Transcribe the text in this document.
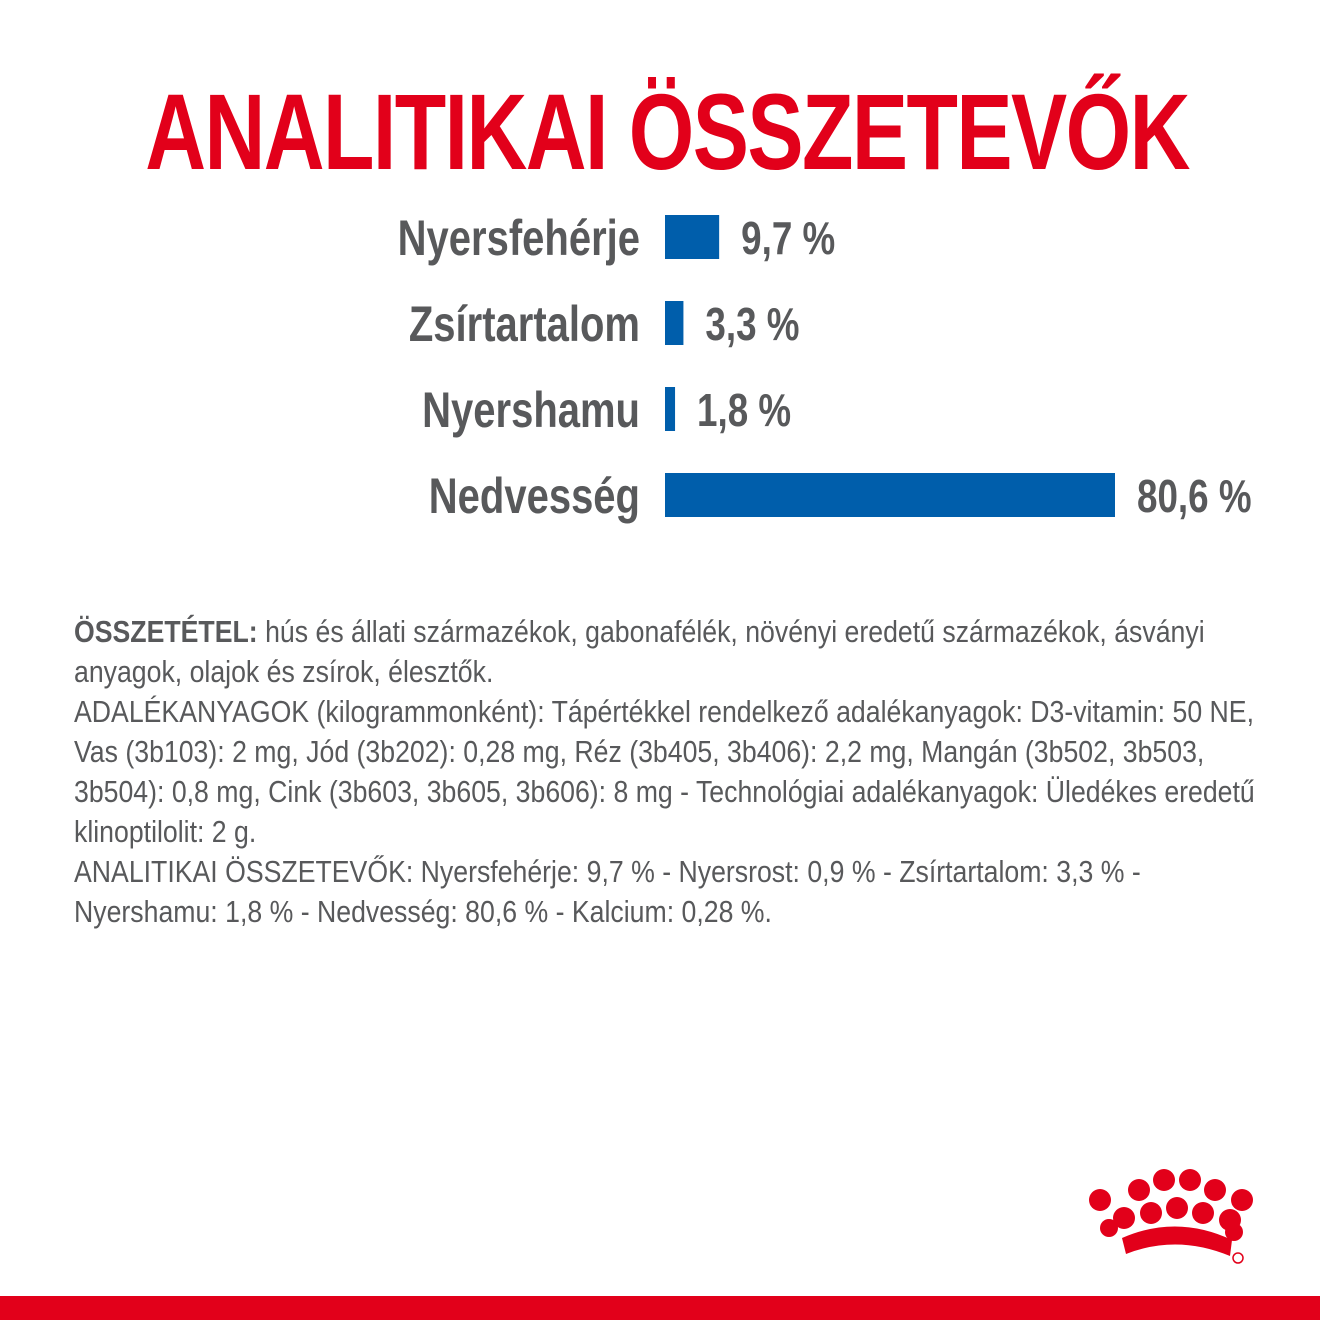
ANALITIKAI ÖSSZETEVŐK
Nyersfehérje 9,7 %
Zsírtartalom 3,3 %
Nyershamu 1,8 %
Nedvesség	80,6 %

ÖSSZETÉTEL: hús és állati származékok, gabonafélék, növényi eredetű származékok, ásványi anyagok, olajok és zsírok, élesztők.

ADALÉKANYAGOK (kilogrammonként): Tápértékkel rendelkező adalékanyagok: D3-vitamin: 50 NE, Vas (3b103): 2 mg, Jód (3b202): 0,28 mg, Réz (3b405, 3b406): 2,2 mg, Mangán (3b502, 3b503, 3b504): 0,8 mg, Cink (3b603, 3b605, 3b606): 8 mg - Technológiai adalékanyagok: Üledékes eredetű klinoptilolit: 2 g.

ANALITIKAI ÖSSZETEVŐK: Nyersfehérje: 9,7 % - Nyersrost: 0,9 % - Zsírtartalom: 3,3 % - Nyershamu: 1,8 % - Nedvesség: 80,6 % - Kalcium: 0,28 %.
